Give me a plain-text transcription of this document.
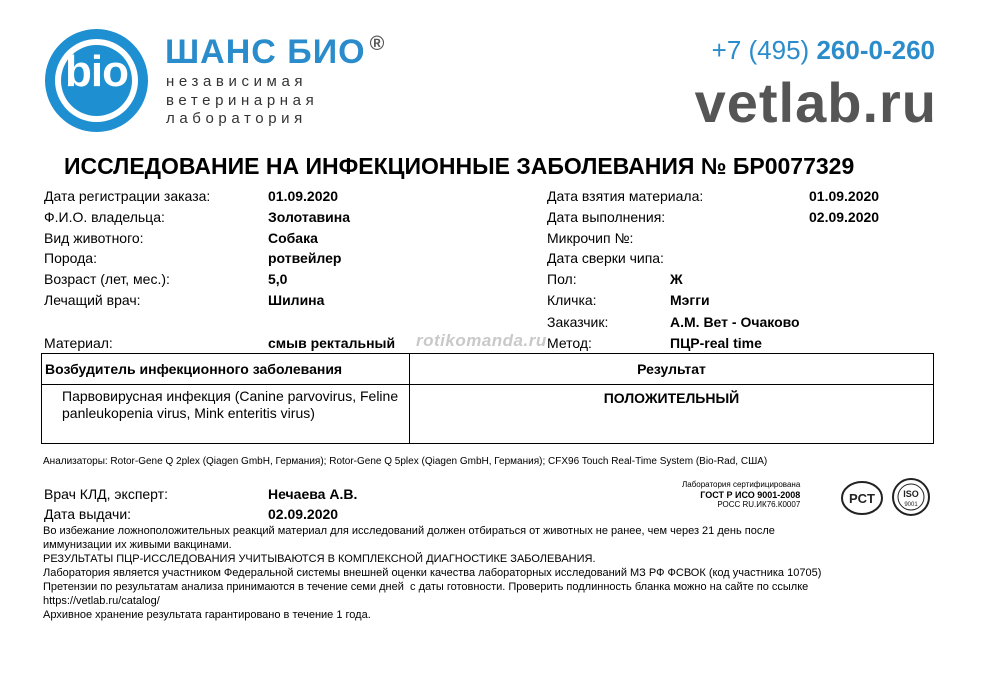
bio	ШАНС БИО ®
независимая
ветеринарная
лаборатория
+7 (495) 260-0-260
vetlab.ru
ИССЛЕДОВАНИЕ НА ИНФЕКЦИОННЫЕ ЗАБОЛЕВАНИЯ № БР0077329
Дата регистрации заказа:	01.09.2020
Ф.И.О. владельца:	Золотавина
Вид животного:	Собака
Порода:	ротвейлер
Возраст (лет, мес.):	5,0
Лечащий врач:	Шилина
Материал:	смыв ректальный
Дата взятия материала:	01.09.2020
Дата выполнения:	02.09.2020
Микрочип №:
Дата сверки чипа:
Пол:	Ж
Кличка:	Мэгги
Заказчик:	А.М. Вет - Очаково
Метод:	ПЦР-real time
rotikomanda.ru
Возбудитель инфекционного заболевания	Результат
Парвовирусная инфекция (Canine parvovirus, Feline panleukopenia virus, Mink enteritis virus)	ПОЛОЖИТЕЛЬНЫЙ
Анализаторы: Rotor-Gene Q 2plex (Qiagen GmbH, Германия); Rotor-Gene Q 5plex (Qiagen GmbH, Германия); CFX96 Touch Real-Time System (Bio-Rad, США)
Врач КЛД, эксперт:	Нечаева А.В.
Дата выдачи:	02.09.2020
Лаборатория сертифицирована
ГОСТ Р ИСО 9001-2008
РОСС RU.ИК76.К0007	PCT	ISO
9001
Во избежание ложноположительных реакций материал для исследований должен отбираться от животных не ранее, чем через 21 день после
иммунизации их живыми вакцинами.
РЕЗУЛЬТАТЫ ПЦР-ИССЛЕДОВАНИЯ УЧИТЫВАЮТСЯ В КОМПЛЕКСНОЙ ДИАГНОСТИКЕ ЗАБОЛЕВАНИЯ.
Лаборатория является участником Федеральной системы внешней оценки качества лабораторных исследований МЗ РФ ФСВОК (код участника 10705)
Претензии по результатам анализа принимаются в течение семи дней  с даты готовности. Проверить подлинность бланка можно на сайте по ссылке
https://vetlab.ru/catalog/
Архивное хранение результата гарантировано в течение 1 года.
